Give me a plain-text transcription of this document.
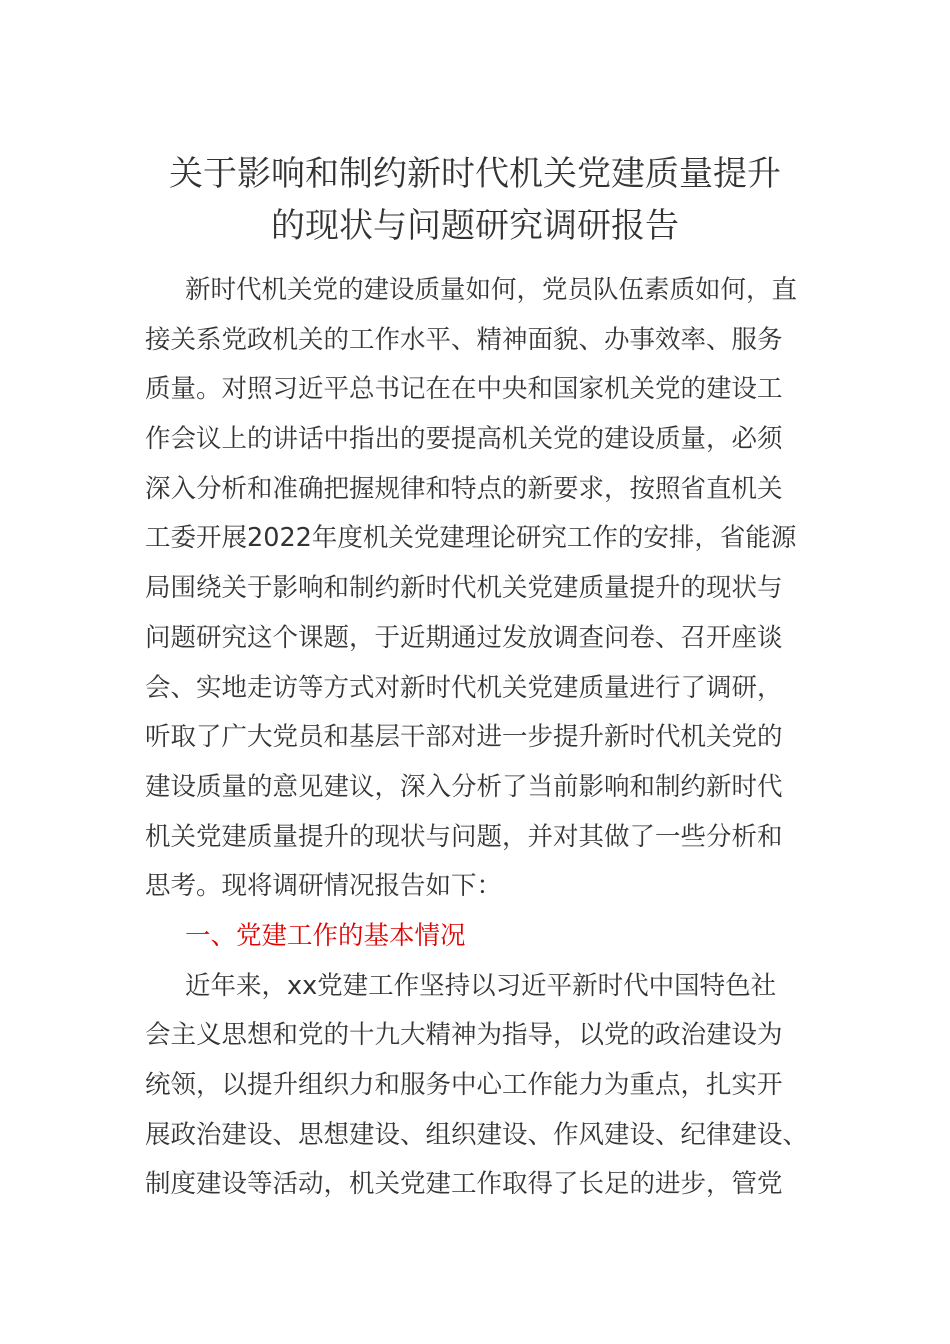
关于影响和制约新时代机关党建质量提升
的现状与问题研究调研报告
新时代机关党的建设质量如何，党员队伍素质如何，直
接关系党政机关的工作水平、精神面貌、办事效率、服务
质量。对照习近平总书记在在中央和国家机关党的建设工
作会议上的讲话中指出的要提高机关党的建设质量，必须
深入分析和准确把握规律和特点的新要求，按照省直机关
工委开展2022年度机关党建理论研究工作的安排，省能源
局围绕关于影响和制约新时代机关党建质量提升的现状与
问题研究这个课题，于近期通过发放调查问卷、召开座谈
会、实地走访等方式对新时代机关党建质量进行了调研，
听取了广大党员和基层干部对进一步提升新时代机关党的
建设质量的意见建议，深入分析了当前影响和制约新时代
机关党建质量提升的现状与问题，并对其做了一些分析和
思考。现将调研情况报告如下：
一、党建工作的基本情况
近年来，xx党建工作坚持以习近平新时代中国特色社
会主义思想和党的十九大精神为指导，以党的政治建设为
统领，以提升组织力和服务中心工作能力为重点，扎实开
展政治建设、思想建设、组织建设、作风建设、纪律建设、
制度建设等活动，机关党建工作取得了长足的进步，管党
